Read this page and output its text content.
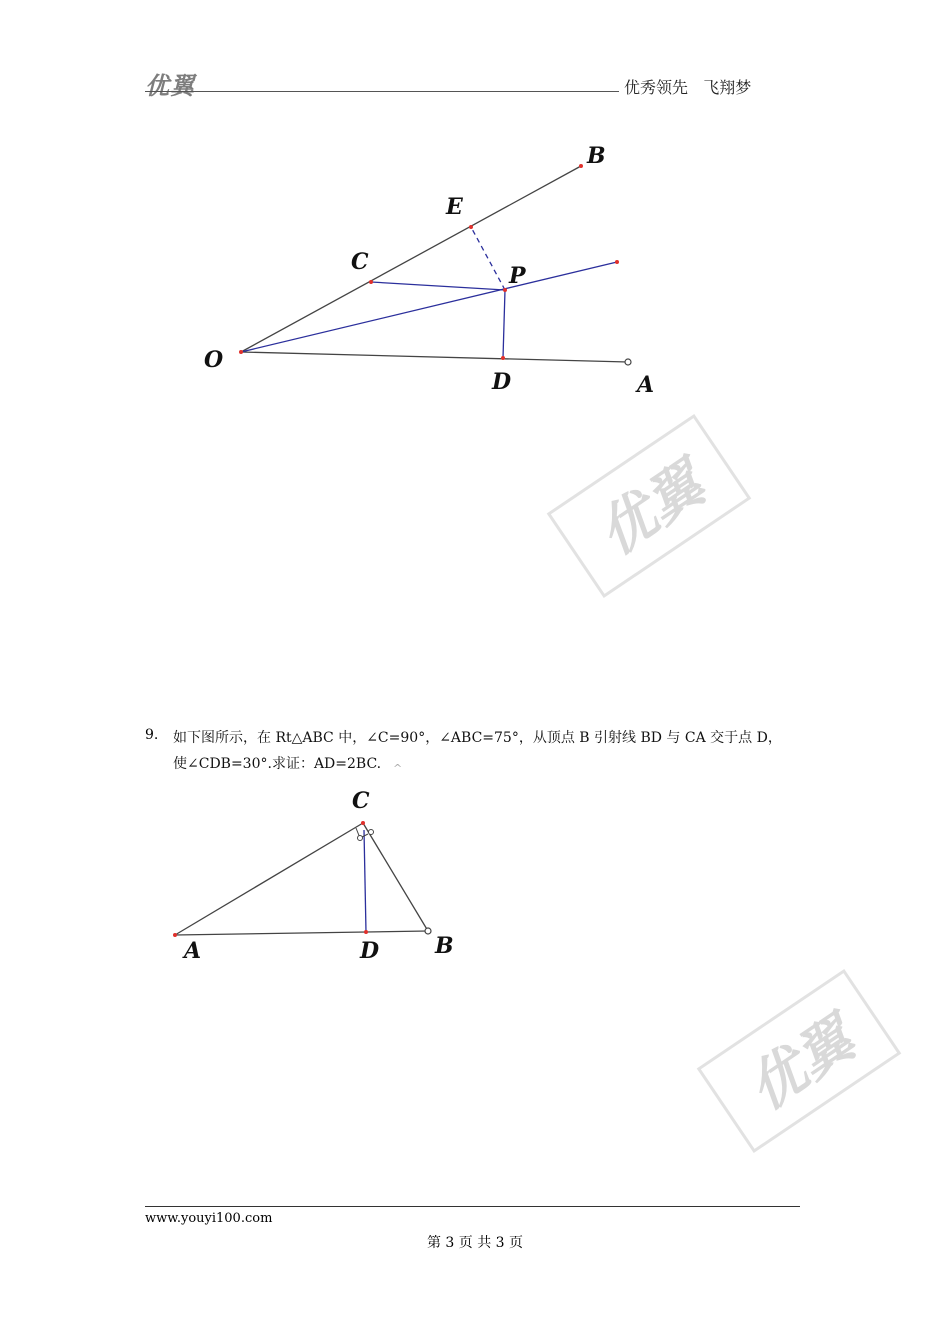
优翼	优秀领先   飞翔梦
B
E
C
P
O
D	A
优翼
9. 如下图所示，在 Rt△ABC 中，∠C=90°，∠ABC=75°，从顶点 B 引射线 BD 与 CA 交于点 D，
使∠CDB=30°.求证：AD=2BC. ^
C
A	D	B
优翼
www.youyi100.com
第 3 页 共 3 页
